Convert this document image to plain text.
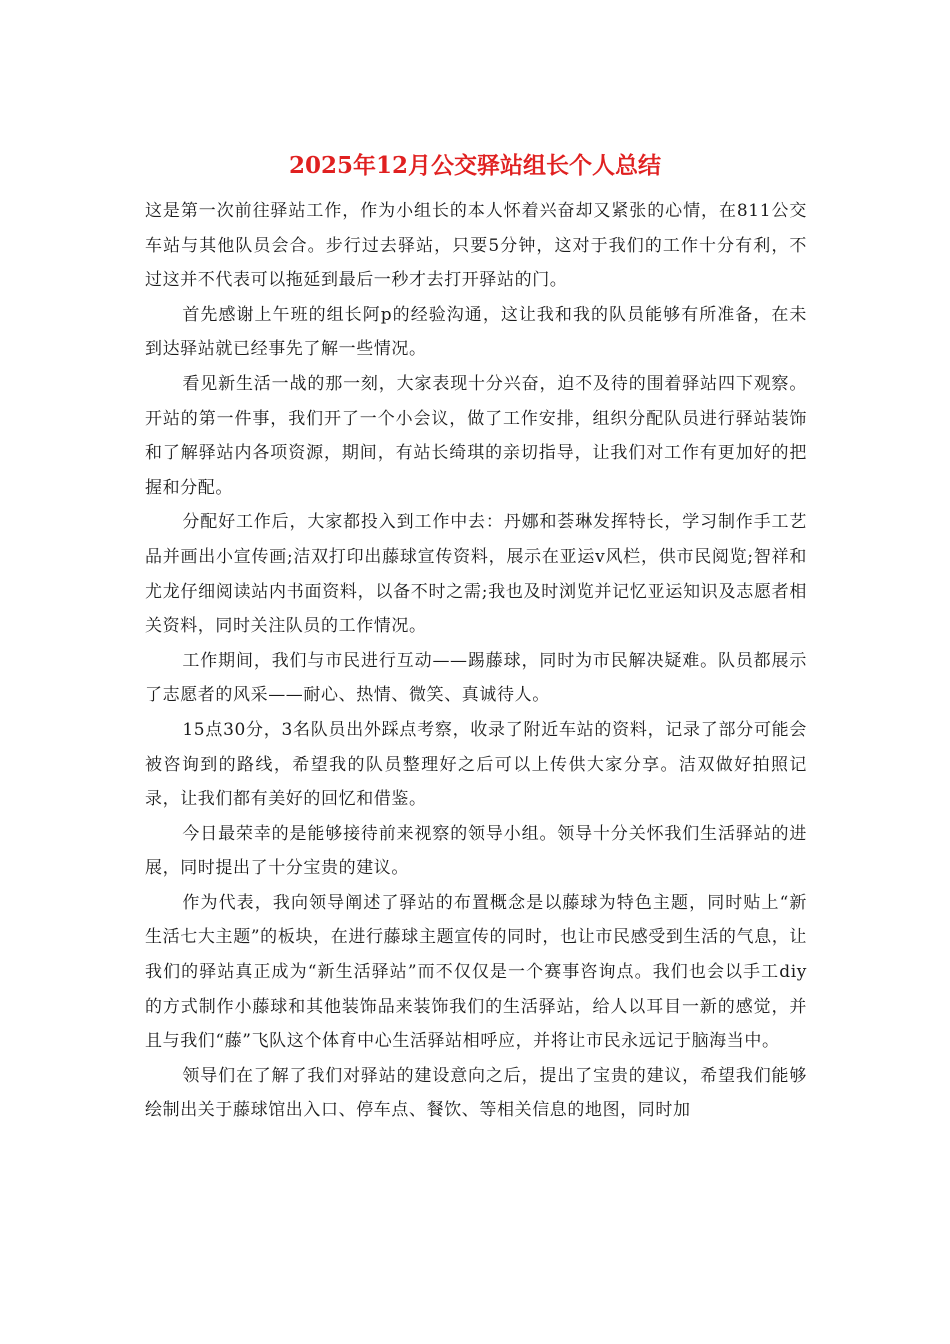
2025年12月公交驿站组长个人总结

这是第一次前往驿站工作，作为小组长的本人怀着兴奋却又紧张的心情，在811公交车站与其他队员会合。步行过去驿站，只要5分钟，这对于我们的工作十分有利，不过这并不代表可以拖延到最后一秒才去打开驿站的门。

首先感谢上午班的组长阿p的经验沟通，这让我和我的队员能够有所准备，在未到达驿站就已经事先了解一些情况。

看见新生活一战的那一刻，大家表现十分兴奋，迫不及待的围着驿站四下观察。开站的第一件事，我们开了一个小会议，做了工作安排，组织分配队员进行驿站装饰和了解驿站内各项资源，期间，有站长绮琪的亲切指导，让我们对工作有更加好的把握和分配。

分配好工作后，大家都投入到工作中去：丹娜和荟琳发挥特长，学习制作手工艺品并画出小宣传画;洁双打印出藤球宣传资料，展示在亚运v风栏，供市民阅览;智祥和尤龙仔细阅读站内书面资料，以备不时之需;我也及时浏览并记忆亚运知识及志愿者相关资料，同时关注队员的工作情况。

工作期间，我们与市民进行互动——踢藤球，同时为市民解决疑难。队员都展示了志愿者的风采——耐心、热情、微笑、真诚待人。

15点30分，3名队员出外踩点考察，收录了附近车站的资料，记录了部分可能会被咨询到的路线，希望我的队员整理好之后可以上传供大家分享。洁双做好拍照记录，让我们都有美好的回忆和借鉴。

今日最荣幸的是能够接待前来视察的领导小组。领导十分关怀我们生活驿站的进展，同时提出了十分宝贵的建议。

作为代表，我向领导阐述了驿站的布置概念是以藤球为特色主题，同时贴上“新生活七大主题”的板块，在进行藤球主题宣传的同时，也让市民感受到生活的气息，让我们的驿站真正成为“新生活驿站”而不仅仅是一个赛事咨询点。我们也会以手工diy的方式制作小藤球和其他装饰品来装饰我们的生活驿站，给人以耳目一新的感觉，并且与我们“藤”飞队这个体育中心生活驿站相呼应，并将让市民永远记于脑海当中。

领导们在了解了我们对驿站的建设意向之后，提出了宝贵的建议，希望我们能够绘制出关于藤球馆出入口、停车点、餐饮、等相关信息的地图，同时加
